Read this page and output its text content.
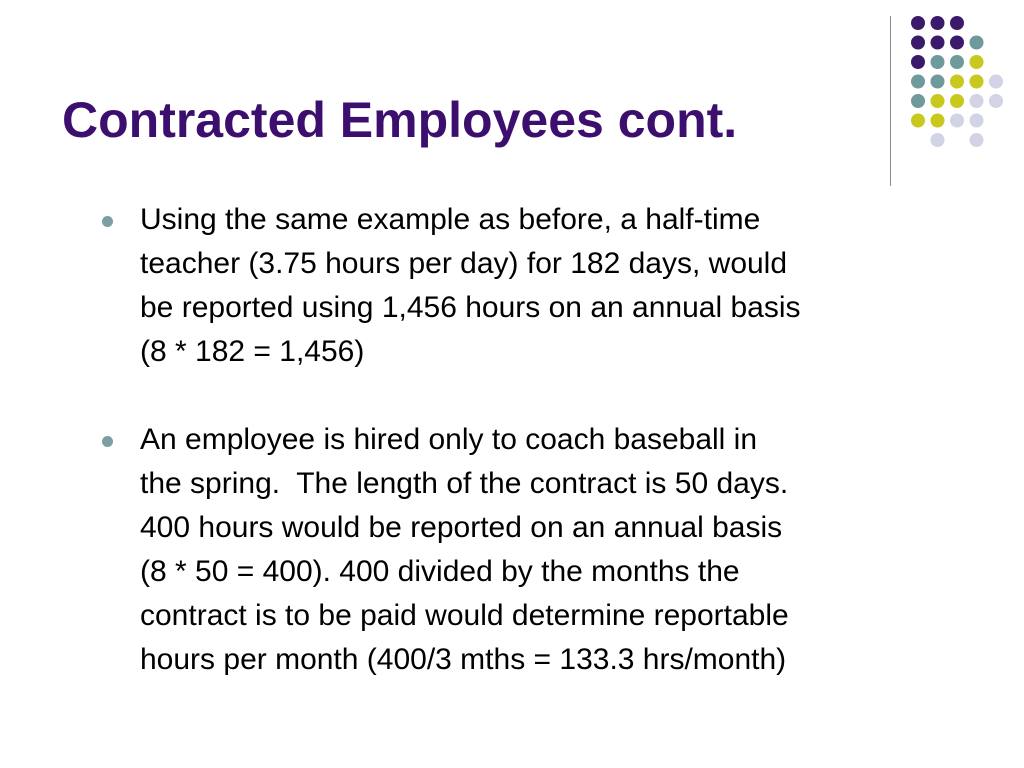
Contracted Employees cont.
Using the same example as before, a half-time
teacher (3.75 hours per day) for 182 days, would
be reported using 1,456 hours on an annual basis
(8 * 182 = 1,456)
An employee is hired only to coach baseball in
the spring.  The length of the contract is 50 days.
400 hours would be reported on an annual basis
(8 * 50 = 400). 400 divided by the months the
contract is to be paid would determine reportable
hours per month (400/3 mths = 133.3 hrs/month)
